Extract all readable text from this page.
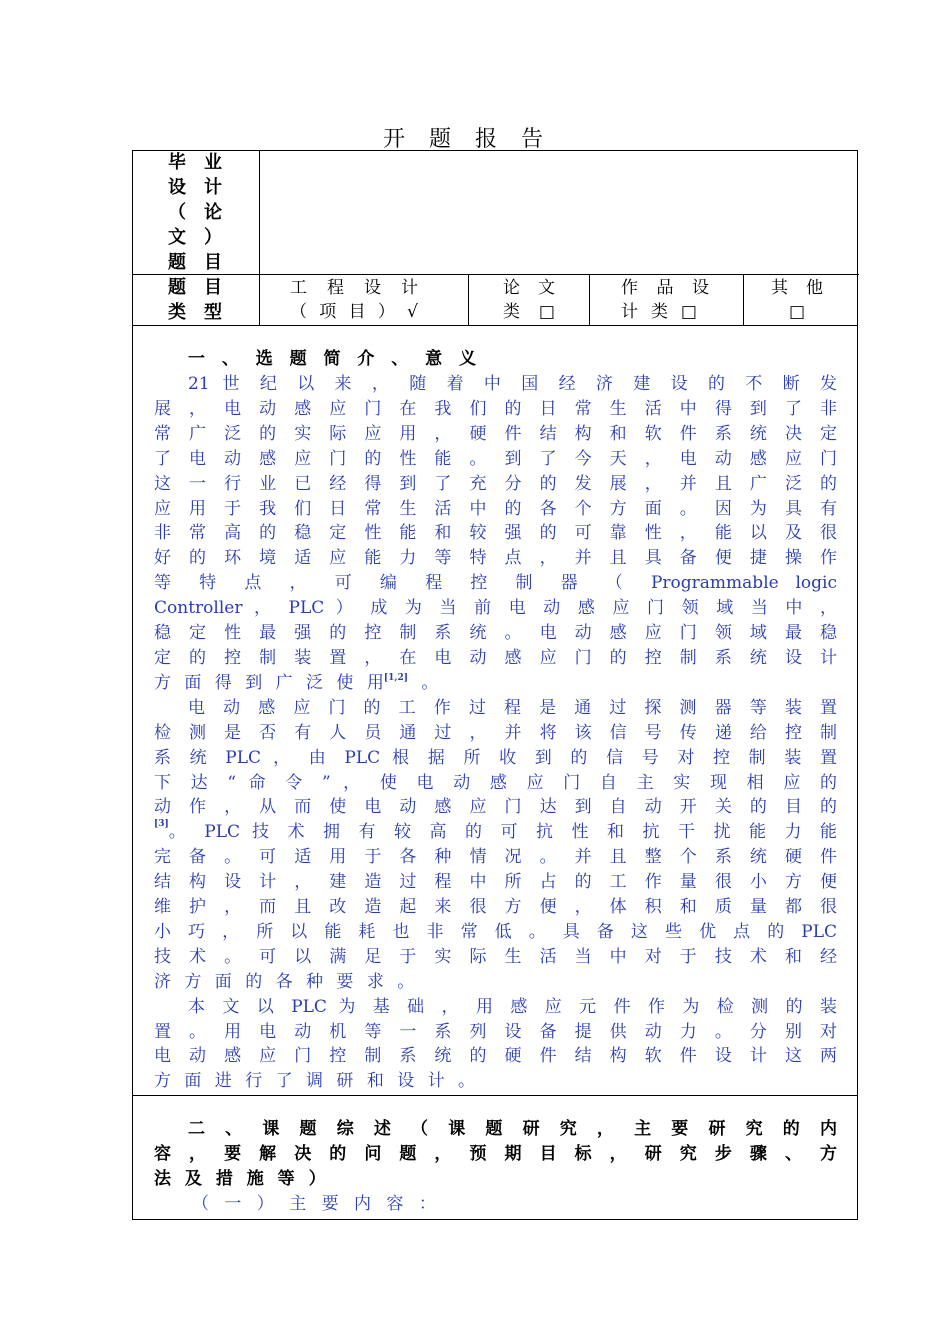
开题报告
毕 业
设 计
（ 论
文 ）
题 目
题 目
类 型
工 程 设 计
（ 项 目 ） √
论 文
类 □
作 品 设
计 类 □
其 他
□
一 、 选 题 简 介 、 意 义
21 世 纪 以 来 ， 随 着 中 国 经 济 建 设 的 不 断 发
展 ， 电 动 感 应 门 在 我 们 的 日 常 生 活 中 得 到 了 非
常 广 泛 的 实 际 应 用 ， 硬 件 结 构 和 软 件 系 统 决 定
了 电 动 感 应 门 的 性 能 。 到 了 今 天 ， 电 动 感 应 门
这 一 行 业 已 经 得 到 了 充 分 的 发 展 ， 并 且 广 泛 的
应 用 于 我 们 日 常 生 活 中 的 各 个 方 面 。 因 为 具 有
非 常 高 的 稳 定 性 能 和 较 强 的 可 靠 性 ， 能 以 及 很
好 的 环 境 适 应 能 力 等 特 点 ， 并 且 具 备 便 捷 操 作
等 特 点 ， 可 编 程 控 制 器 （ Programmable logic
Controller ， PLC ） 成 为 当 前 电 动 感 应 门 领 域 当 中 ，
稳 定 性 最 强 的 控 制 系 统 。 电 动 感 应 门 领 域 最 稳
定 的 控 制 装 置 ， 在 电 动 感 应 门 的 控 制 系 统 设 计
方 面 得 到 广 泛 使 用[1,2] 。
电 动 感 应 门 的 工 作 过 程 是 通 过 探 测 器 等 装 置
检 测 是 否 有 人 员 通 过 ， 并 将 该 信 号 传 递 给 控 制
系 统 PLC ， 由 PLC 根 据 所 收 到 的 信 号 对 控 制 装 置
下 达 “ 命 令 ” ， 使 电 动 感 应 门 自 主 实 现 相 应 的
动 作 ， 从 而 使 电 动 感 应 门 达 到 自 动 开 关 的 目 的
[3] 。 PLC 技 术 拥 有 较 高 的 可 抗 性 和 抗 干 扰 能 力 能
完 备 。 可 适 用 于 各 种 情 况 。 并 且 整 个 系 统 硬 件
结 构 设 计 ， 建 造 过 程 中 所 占 的 工 作 量 很 小 方 便
维 护 ， 而 且 改 造 起 来 很 方 便 ， 体 积 和 质 量 都 很
小 巧 ， 所 以 能 耗 也 非 常 低 。 具 备 这 些 优 点 的 PLC
技 术 。 可 以 满 足 于 实 际 生 活 当 中 对 于 技 术 和 经
济 方 面 的 各 种 要 求 。
本 文 以 PLC 为 基 础 ， 用 感 应 元 件 作 为 检 测 的 装
置 。 用 电 动 机 等 一 系 列 设 备 提 供 动 力 。 分 别 对
电 动 感 应 门 控 制 系 统 的 硬 件 结 构 软 件 设 计 这 两
方 面 进 行 了 调 研 和 设 计 。
二 、 课 题 综 述 （ 课 题 研 究 ， 主 要 研 究 的 内
容 ， 要 解 决 的 问 题 ， 预 期 目 标 ， 研 究 步 骤 、 方
法 及 措 施 等 ）
（ 一 ） 主 要 内 容 ：
